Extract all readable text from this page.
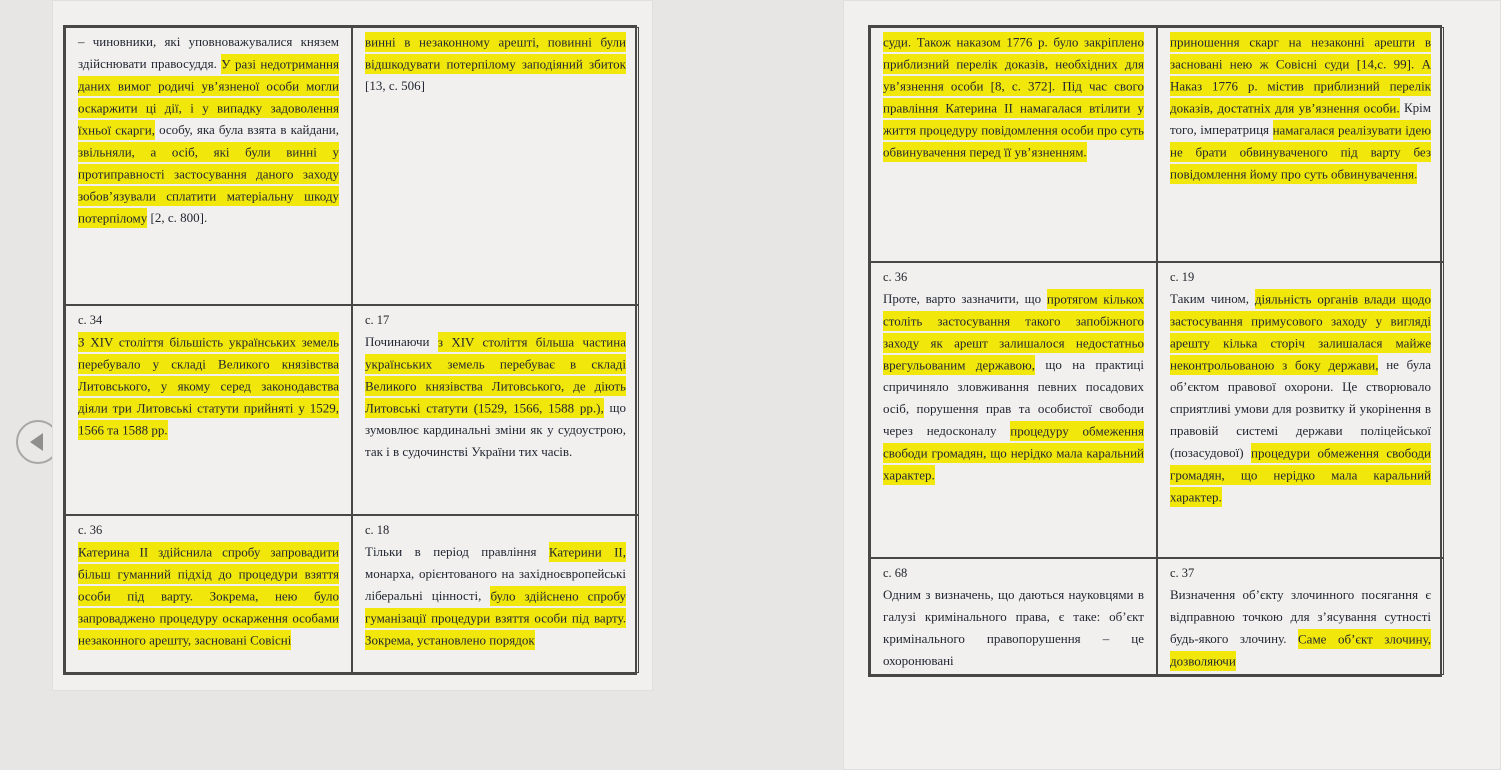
– чиновники, які уповноважувалися князем здійснювати правосуддя. У разі недотримання даних вимог родичі ув’язненої особи могли оскаржити ці дії, і у випадку задоволення їхньої скарги, особу, яка була взята в кайдани, звільняли, а осіб, які були винні у протиправності застосування даного заходу зобов’язували сплатити матеріальну шкоду потерпілому [2, с. 800].

винні в незаконному арешті, повинні були відшкодувати потерпілому заподіяний збиток [13, с. 506]

с. 34

З XIV століття більшість українських земель перебувало у складі Великого князівства Литовського, у якому серед законодавства діяли три Литовські статути прийняті у 1529, 1566 та 1588 рр.

с. 17

Починаючи з XIV століття більша частина українських земель перебуває в складі Великого князівства Литовського, де діють Литовські статути (1529, 1566, 1588 рр.), що зумовлює кардинальні зміни як у судоустрою, так і в судочинстві України тих часів.

с. 36

Катерина II здійснила спробу запровадити більш гуманний підхід до процедури взяття особи під варту. Зокрема, нею було запроваджено процедуру оскарження особами незаконного арешту, засновані Совісні

с. 18

Тільки в період правління Катерини II, монарха, орієнтованого на західноєвропейські ліберальні цінності, було здійснено спробу гуманізації процедури взяття особи під варту. Зокрема, установлено порядок

суди. Також наказом 1776 р. було закріплено приблизний перелік доказів, необхідних для ув’язнення особи [8, с. 372]. Під час свого правління Катерина II намагалася втілити у життя процедуру повідомлення особи про суть обвинувачення перед її ув’язненням.

приношення скарг на незаконні арешти в засновані нею ж Совісні суди [14,с. 99]. А Наказ 1776 р. містив приблизний перелік доказів, достатніх для ув’язнення особи. Крім того, імператриця намагалася реалізувати ідею не брати обвинуваченого під варту без повідомлення йому про суть обвинувачення.

с. 36

Проте, варто зазначити, що протягом кількох століть застосування такого запобіжного заходу як арешт залишалося недостатньо врегульованим державою, що на практиці спричиняло зловживання певних посадових осіб, порушення прав та особистої свободи через недосконалу процедуру обмеження свободи громадян, що нерідко мала каральний характер.

с. 19

Таким чином, діяльність органів влади щодо застосування примусового заходу у вигляді арешту кілька сторіч залишалася майже неконтрольованою з боку держави, не була об’єктом правової охорони. Це створювало сприятливі умови для розвитку й укорінення в правовій системі держави поліцейської (позасудової) процедури обмеження свободи громадян, що нерідко мала каральний характер.

с. 68

Одним з визначень, що даються науковцями в галузі кримінального права, є таке: об’єкт кримінального правопорушення – це охоронювані

с. 37

Визначення об’єкту злочинного посягання є відправною точкою для з’ясування сутності будь-якого злочину. Саме об’єкт злочину, дозволяючи
